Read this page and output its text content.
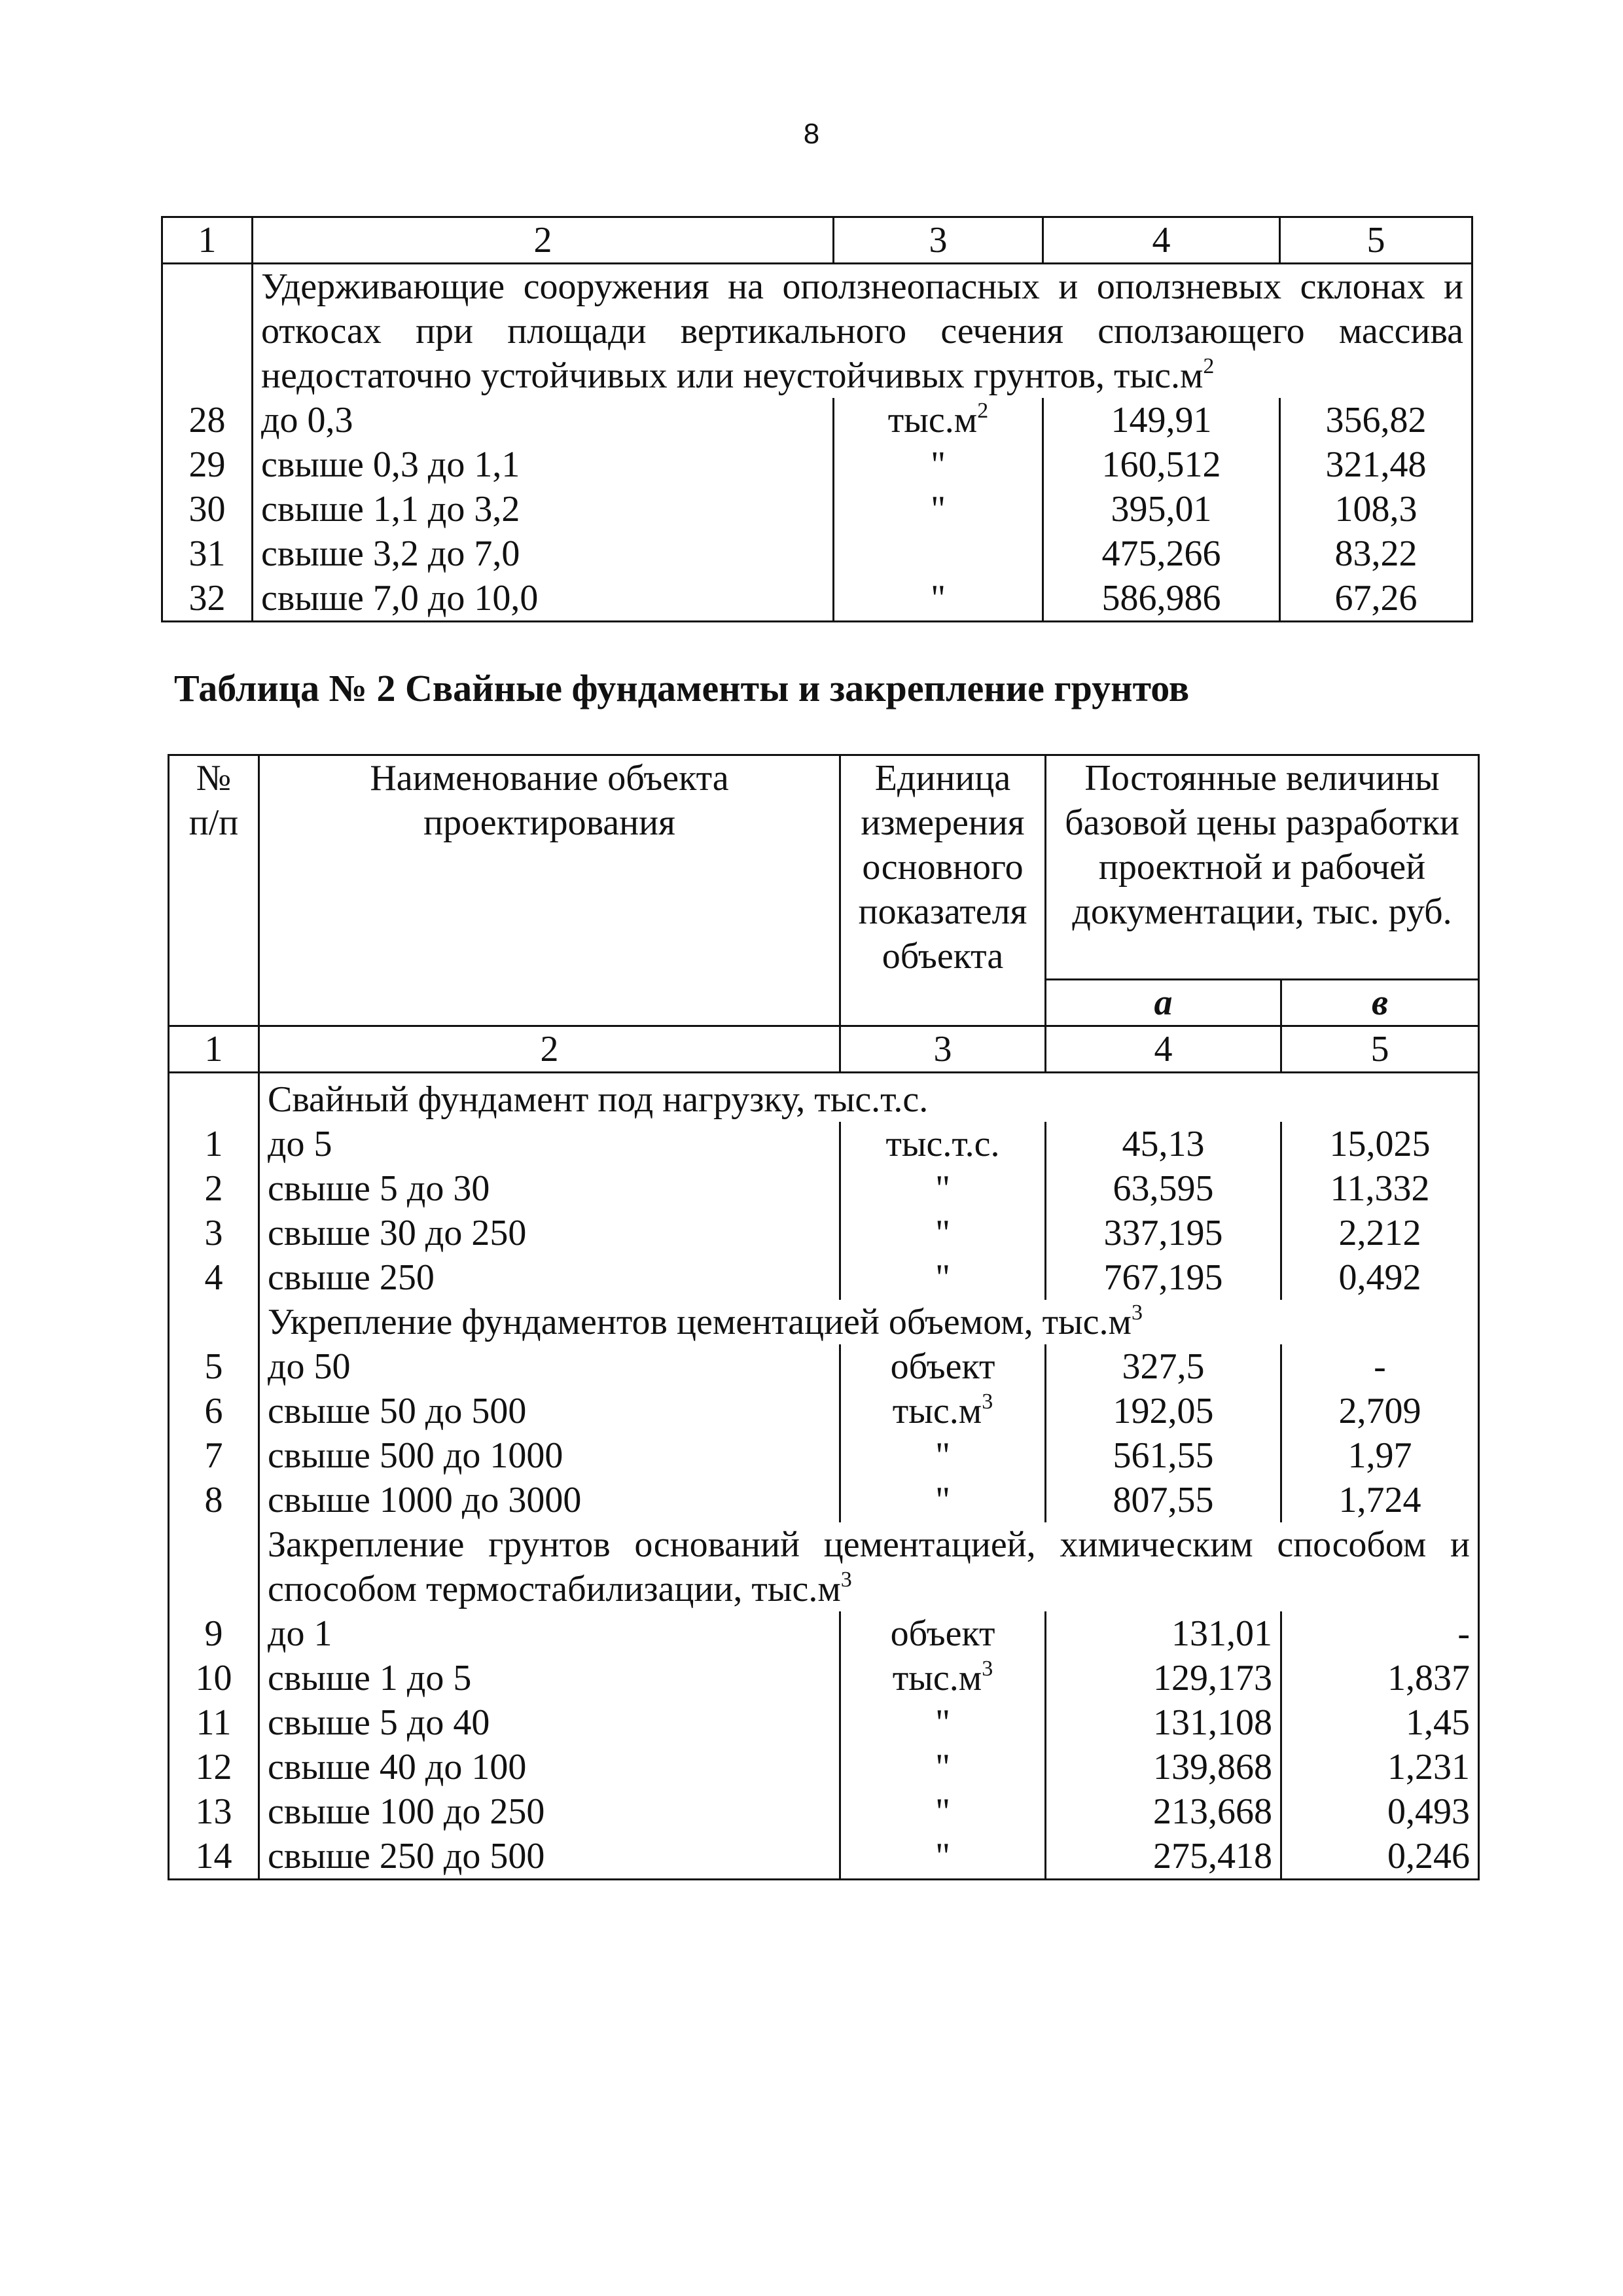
8
1	2	3	4	5

	Удерживающие сооружения на оползнеопасных и оползневых склонах и
откосах при площади вертикального сечения сползающего массива
недостаточно устойчивых или неустойчивых грунтов, $тыс.м^2$

28	до 0,3	$тыс.м^2$	149,91	356,82
29	свыше 0,3 до 1,1	"	160,512	321,48
30	свыше 1,1 до 3,2	"	395,01	108,3
31	свыше 3,2 до 7,0		475,266	83,22
32	свыше 7,0 до 10,0	"	586,986	67,26
Таблица № 2 Свайные фундаменты и закрепление грунтов
№ п/п	Наименование объекта проектирования	Единица измерения основного показателя объекта	Постоянные величины базовой цены разработки проектной и рабочей документации, тыс. руб.	
			а	в
1	2	3	4	5
	Свайный фундамент под нагрузку, тыс.т.с.			
1	до 5	тыс.т.с.	45,13	15,025
2	свыше 5 до 30	"	63,595	11,332
3	свыше 30 до 250	"	337,195	2,212
4	свыше 250	"	767,195	0,492
	Укрепление фундаментов цементацией объемом, $тыс.м^3$
5	до 50	объект	327,5	-
6	свыше 50 до 500	$тыс.м^3$	192,05	2,709
7	свыше 500 до 1000	"	561,55	1,97
8	свыше 1000 до 3000	"	807,55	1,724

	Закрепление грунтов оснований цементацией, химическим способом и
способом термостабилизации, $тыс.м^3$

9	до 1	объект	131,01	-
10	свыше 1 до 5	$тыс.м^3$	129,173	1,837
11	свыше 5 до 40	"	131,108	1,45
12	свыше 40 до 100	"	139,868	1,231
13	свыше 100 до 250	"	213,668	0,493
14	свыше 250 до 500	"	275,418	0,246
